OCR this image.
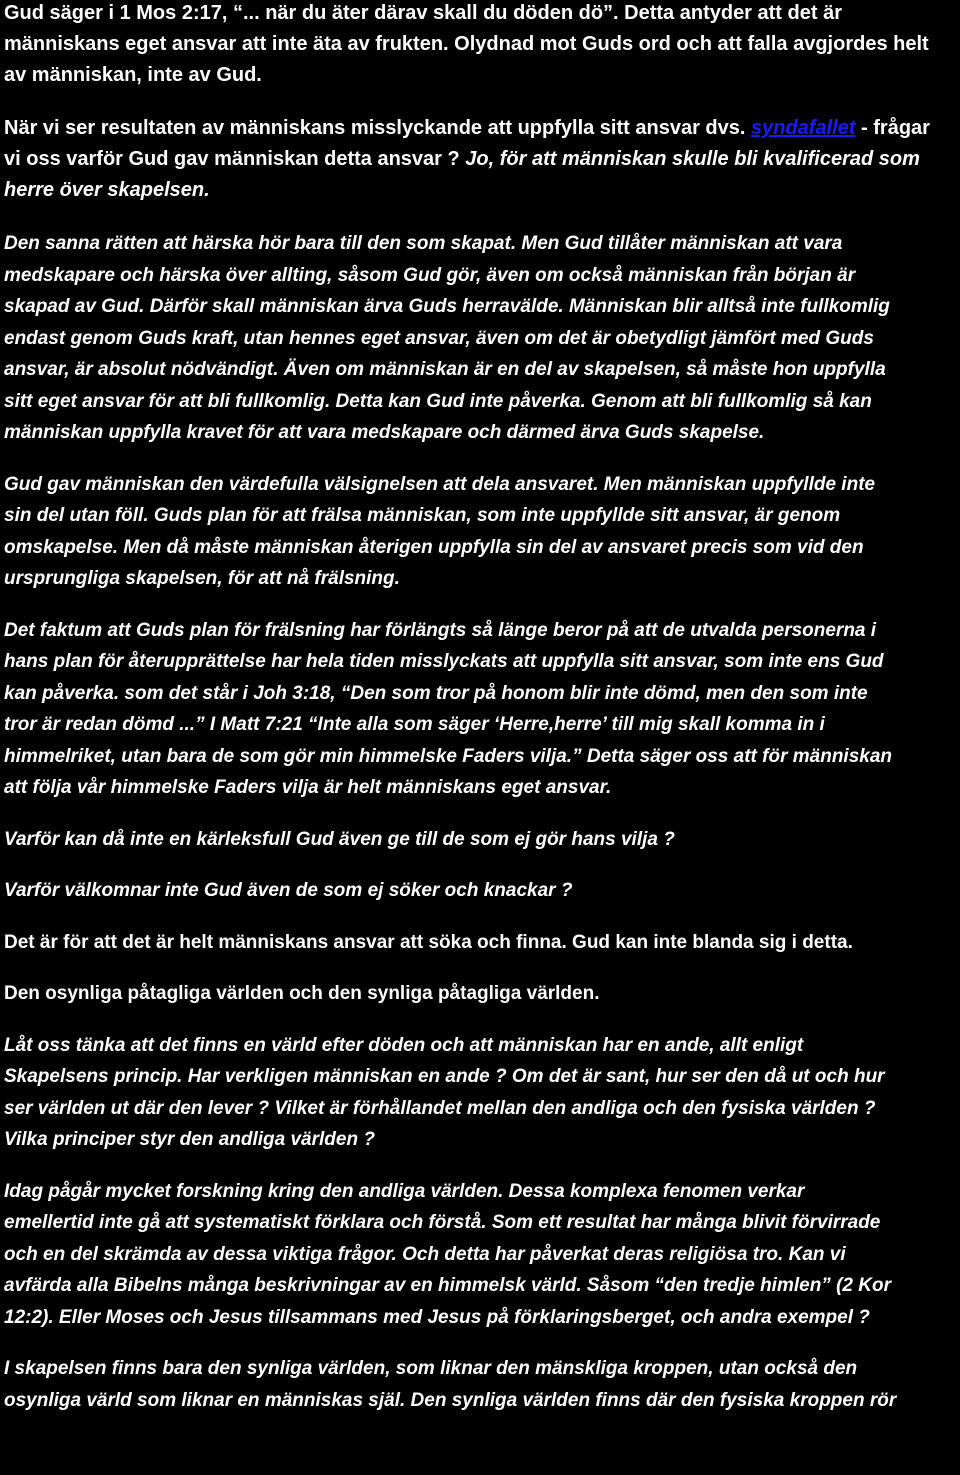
Gud säger i 1 Mos 2:17, “... när du äter därav skall du döden dö”. Detta antyder att det är
människans eget ansvar att inte äta av frukten. Olydnad mot Guds ord och att falla avgjordes helt
av människan, inte av Gud.
När vi ser resultaten av människans misslyckande att uppfylla sitt ansvar dvs. syndafallet - frågar
vi oss varför Gud gav människan detta ansvar ? Jo, för att människan skulle bli kvalificerad som
herre över skapelsen.
Den sanna rätten att härska hör bara till den som skapat. Men Gud tillåter människan att vara
medskapare och härska över allting, såsom Gud gör, även om också människan från början är
skapad av Gud. Därför skall människan ärva Guds herravälde. Människan blir alltså inte fullkomlig
endast genom Guds kraft, utan hennes eget ansvar, även om det är obetydligt jämfört med Guds
ansvar, är absolut nödvändigt. Även om människan är en del av skapelsen, så måste hon uppfylla
sitt eget ansvar för att bli fullkomlig. Detta kan Gud inte påverka. Genom att bli fullkomlig så kan
människan uppfylla kravet för att vara medskapare och därmed ärva Guds skapelse.
Gud gav människan den värdefulla välsignelsen att dela ansvaret. Men människan uppfyllde inte
sin del utan föll. Guds plan för att frälsa människan, som inte uppfyllde sitt ansvar, är genom
omskapelse. Men då måste människan återigen uppfylla sin del av ansvaret precis som vid den
ursprungliga skapelsen, för att nå frälsning.
Det faktum att Guds plan för frälsning har förlängts så länge beror på att de utvalda personerna i
hans plan för återupprättelse har hela tiden misslyckats att uppfylla sitt ansvar, som inte ens Gud
kan påverka. som det står i Joh 3:18, “Den som tror på honom blir inte dömd, men den som inte
tror är redan dömd ...” I Matt 7:21 “Inte alla som säger ‘Herre,herre’ till mig skall komma in i
himmelriket, utan bara de som gör min himmelske Faders vilja.” Detta säger oss att för människan
att följa vår himmelske Faders vilja är helt människans eget ansvar.
Varför kan då inte en kärleksfull Gud även ge till de som ej gör hans vilja ?
Varför välkomnar inte Gud även de som ej söker och knackar ?
Det är för att det är helt människans ansvar att söka och finna. Gud kan inte blanda sig i detta.
Den osynliga påtagliga världen och den synliga påtagliga världen.
Låt oss tänka att det finns en värld efter döden och att människan har en ande, allt enligt
Skapelsens princip. Har verkligen människan en ande ? Om det är sant, hur ser den då ut och hur
ser världen ut där den lever ? Vilket är förhållandet mellan den andliga och den fysiska världen ?
Vilka principer styr den andliga världen ?
Idag pågår mycket forskning kring den andliga världen. Dessa komplexa fenomen verkar
emellertid inte gå att systematiskt förklara och förstå. Som ett resultat har många blivit förvirrade
och en del skrämda av dessa viktiga frågor. Och detta har påverkat deras religiösa tro. Kan vi
avfärda alla Bibelns många beskrivningar av en himmelsk värld. Såsom “den tredje himlen” (2 Kor
12:2). Eller Moses och Jesus tillsammans med Jesus på förklaringsberget, och andra exempel ?
I skapelsen finns bara den synliga världen, som liknar den mänskliga kroppen, utan också den
osynliga värld som liknar en människas själ. Den synliga världen finns där den fysiska kroppen rör
